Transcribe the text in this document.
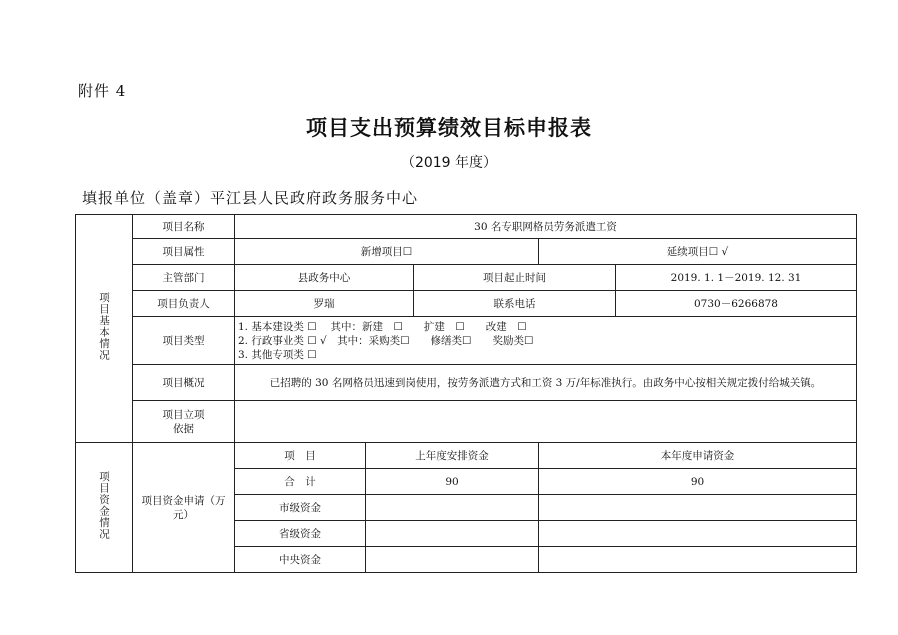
附件 4
项目支出预算绩效目标申报表
（2019 年度）
填报单位（盖章）平江县人民政府政务服务中心
项目基本情况	项目名称	30 名专职网格员劳务派遣工资				
	项目属性	新增项目☐			延续项目☐ √	
	主管部门	县政务中心		项目起止时间		2019. 1. 1－2019. 12. 31
	项目负责人	罗瑞		联系电话		0730－6266878
	项目类型	1. 基本建设类 ☐　 其中：新建　☐　　扩建　☐　　改建　☐
2. 行政事业类 ☐ √　其中：采购类☐　　修缮类☐　　奖励类☐
3. 其他专项类 ☐				

	项目概况	已招聘的 30 名网格员迅速到岗使用，按劳务派遣方式和工资 3 万/年标准执行。由政务中心按相关规定拨付给城关镇。				
	项目立项
依据					
项目资金情况	项目资金申请（万元）	项　目	上年度安排资金		本年度申请资金	
		合　计	90		90	
		市级资金				
		省级资金				
		中央资金				
